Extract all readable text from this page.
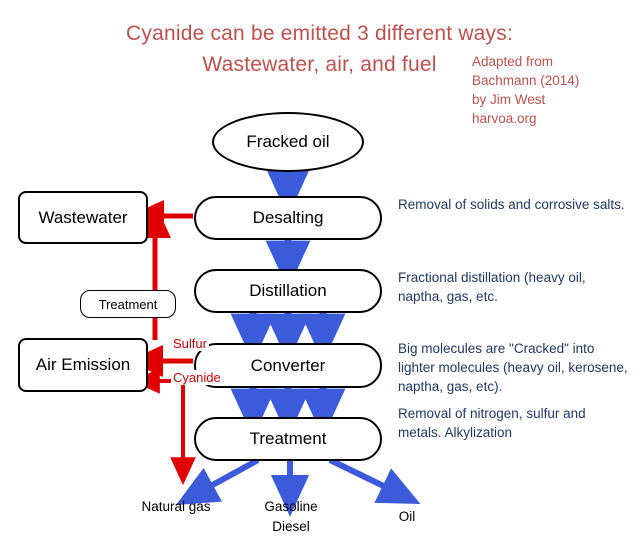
Cyanide can be emitted 3 different ways:
Wastewater, air, and fuel	Adapted from
Bachmann (2014)
by Jim West
harvoa.org
Fracked oil
Desalting
Distillation
Converter
Treatment
Wastewater
Air Emission
Treatment
Sulfur
Cyanide
Removal of solids and corrosive salts.
Fractional distillation (heavy oil, naptha, gas, etc.
Big molecules are "Cracked" into lighter molecules (heavy oil, kerosene, naptha, gas, etc).
Removal of nitrogen, sulfur and metals. Alkylization
Natural gas	Gasoline
Diesel
Oil
